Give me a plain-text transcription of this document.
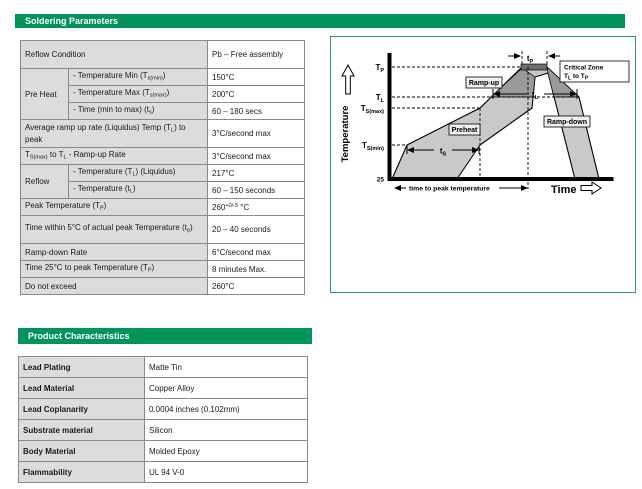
Soldering Parameters
Reflow Condition		Pb – Free assembly
Pre Heat	- Temperature Min (Ts(min))	150°C
	- Temperature Max (Ts(max))	200°C
	- Time (min to max) (ts)	60 – 180 secs
Average ramp up rate (Liquidus) Temp (TL) to peak		3°C/second max
TS(max) to TL - Ramp-up Rate		3°C/second max
Reflow	- Temperature (TL) (Liquidus)	217°C
	- Temperature (tL)	60 – 150 seconds
Peak Temperature (TP)		$260^{+0/-5}$ °C
Time within 5°C of actual peak Temperature (tp)		20 – 40 seconds
Ramp-down Rate		6°C/second max
Time 25°C to peak Temperature (TP)		8 minutes Max.
Do not exceed		260°C
$T_P$
$T_L$
$T_{S(max)}$
$T_{S(min)}$
25
Temperature
$t_P$
$t_L$
$t_S$
Ramp-up
Preheat
Ramp-down
Critical Zone
$T_L$ to $T_P$
time to peak temperature	Time
Product Characteristics
Lead Plating	Matte Tin
Lead Material	Copper Alloy
Lead Coplanarity	0.0004 inches (0.102mm)
Substrate material	Silicon
Body Material	Molded Epoxy
Flammability	UL 94 V-0
